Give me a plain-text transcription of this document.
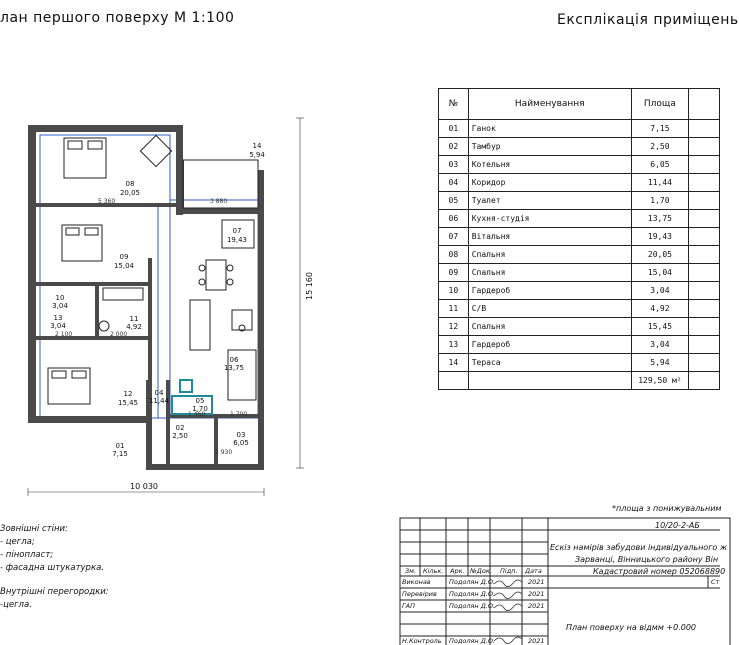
лан першого поверху М 1:100	Експлікація приміщень
15 160
10 030
5 360	3 880
2 100	2 000
1 700
2 930
1 460
14
5,94
08
20,05
07
19,43
09
15,04
10
3,04
13
3,04
11
4,92
06
13,75
12
15,45
04
11,44	05
1,70
02
2,50	03
6,05
01
7,15
№	Найменування	Площа	
01	Ганок	7,15	
02	Тамбур	2,50	
03	Котельня	6,05	
04	Коридор	11,44	
05	Туалет	1,70	
06	Кухня-студія	13,75	
07	Вітальня	19,43	
08	Спальня	20,05	
09	Спальня	15,04	
10	Гардероб	3,04	
11	С/В	4,92	
12	Спальня	15,45	
13	Гардероб	3,04	
14	Тераса	5,94	
		129,50 м²	
*площа з понижувальним
Зовнішні стіни:
- цегла;
- пінопласт;
- фасадна штукатурка.
Внутрішні перегородки:
-цегла.
10/20-2-АБ
Ескіз намірів забудови індивідуального ж
Зарванці, Вінницького району Він
Кадастровий номер 052068890
Зм. Кільк. Арк. №Док. Підп. Дата
Виконав	Подолян Д.О.	2021
Перевірив Подолян Д.О.	2021
ГАП	Подолян Д.О.	2021
Н.Контроль Подолян Д.О.	2021
План поверху на відмм +0.000
Ст
